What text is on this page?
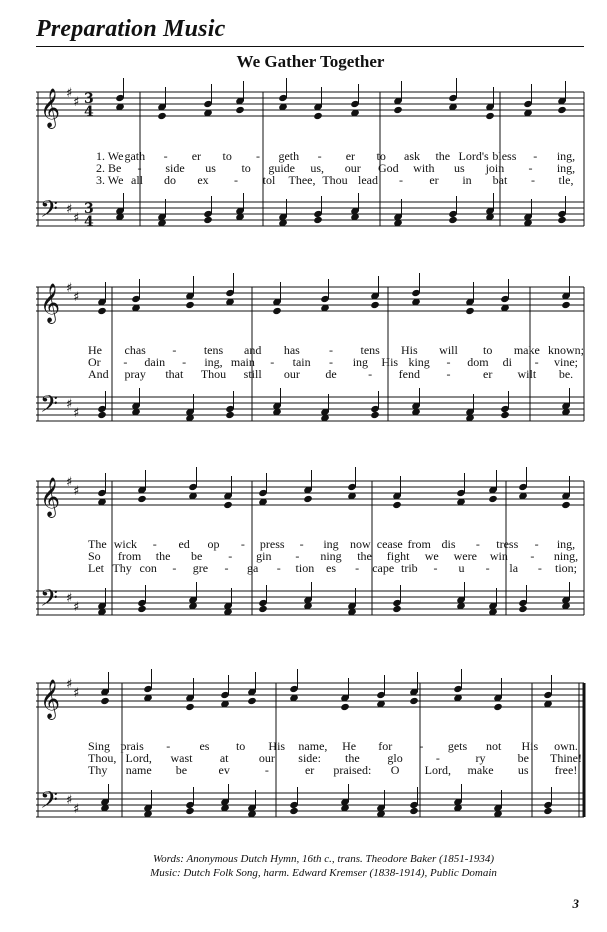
Preparation Music
We Gather Together
𝄞
𝄢
♯
♯
♯
♯
3
4
3
4
1. We gath - er to - geth - er to ask the Lord's bless - ing,
2. Be - side us to guide us, our God with us join - ing,
3. We all do ex - tol Thee, Thou lead - er in bat - tle,
𝄞
𝄢
♯
♯
♯
♯
He chas - tens and has - tens His will to make known;
Or - dain - ing, main - tain - ing His king - dom di - vine;
And pray that Thou still our de	- fend -	er wilt be.
𝄞
𝄢
♯
♯
♯
♯
The wick - ed op - press - ing now cease from dis - tress - ing,
So from the be - gin - ning the fight we were win - ning,
Let Thy con - gre - ga - tion es - cape trib - u - la - tion;
𝄞
𝄢
♯
♯
♯
♯
Sing prais - es to His name, He for - gets not His own.
Thou, Lord, wast at	our side: the glo	-	ry	be Thine!
Thy name be	ev	-	er praised: O Lord, make us free!
Words: Anonymous Dutch Hymn, 16th c., trans. Theodore Baker (1851-1934)
Music: Dutch Folk Song, harm. Edward Kremser (1838-1914), Public Domain
3
